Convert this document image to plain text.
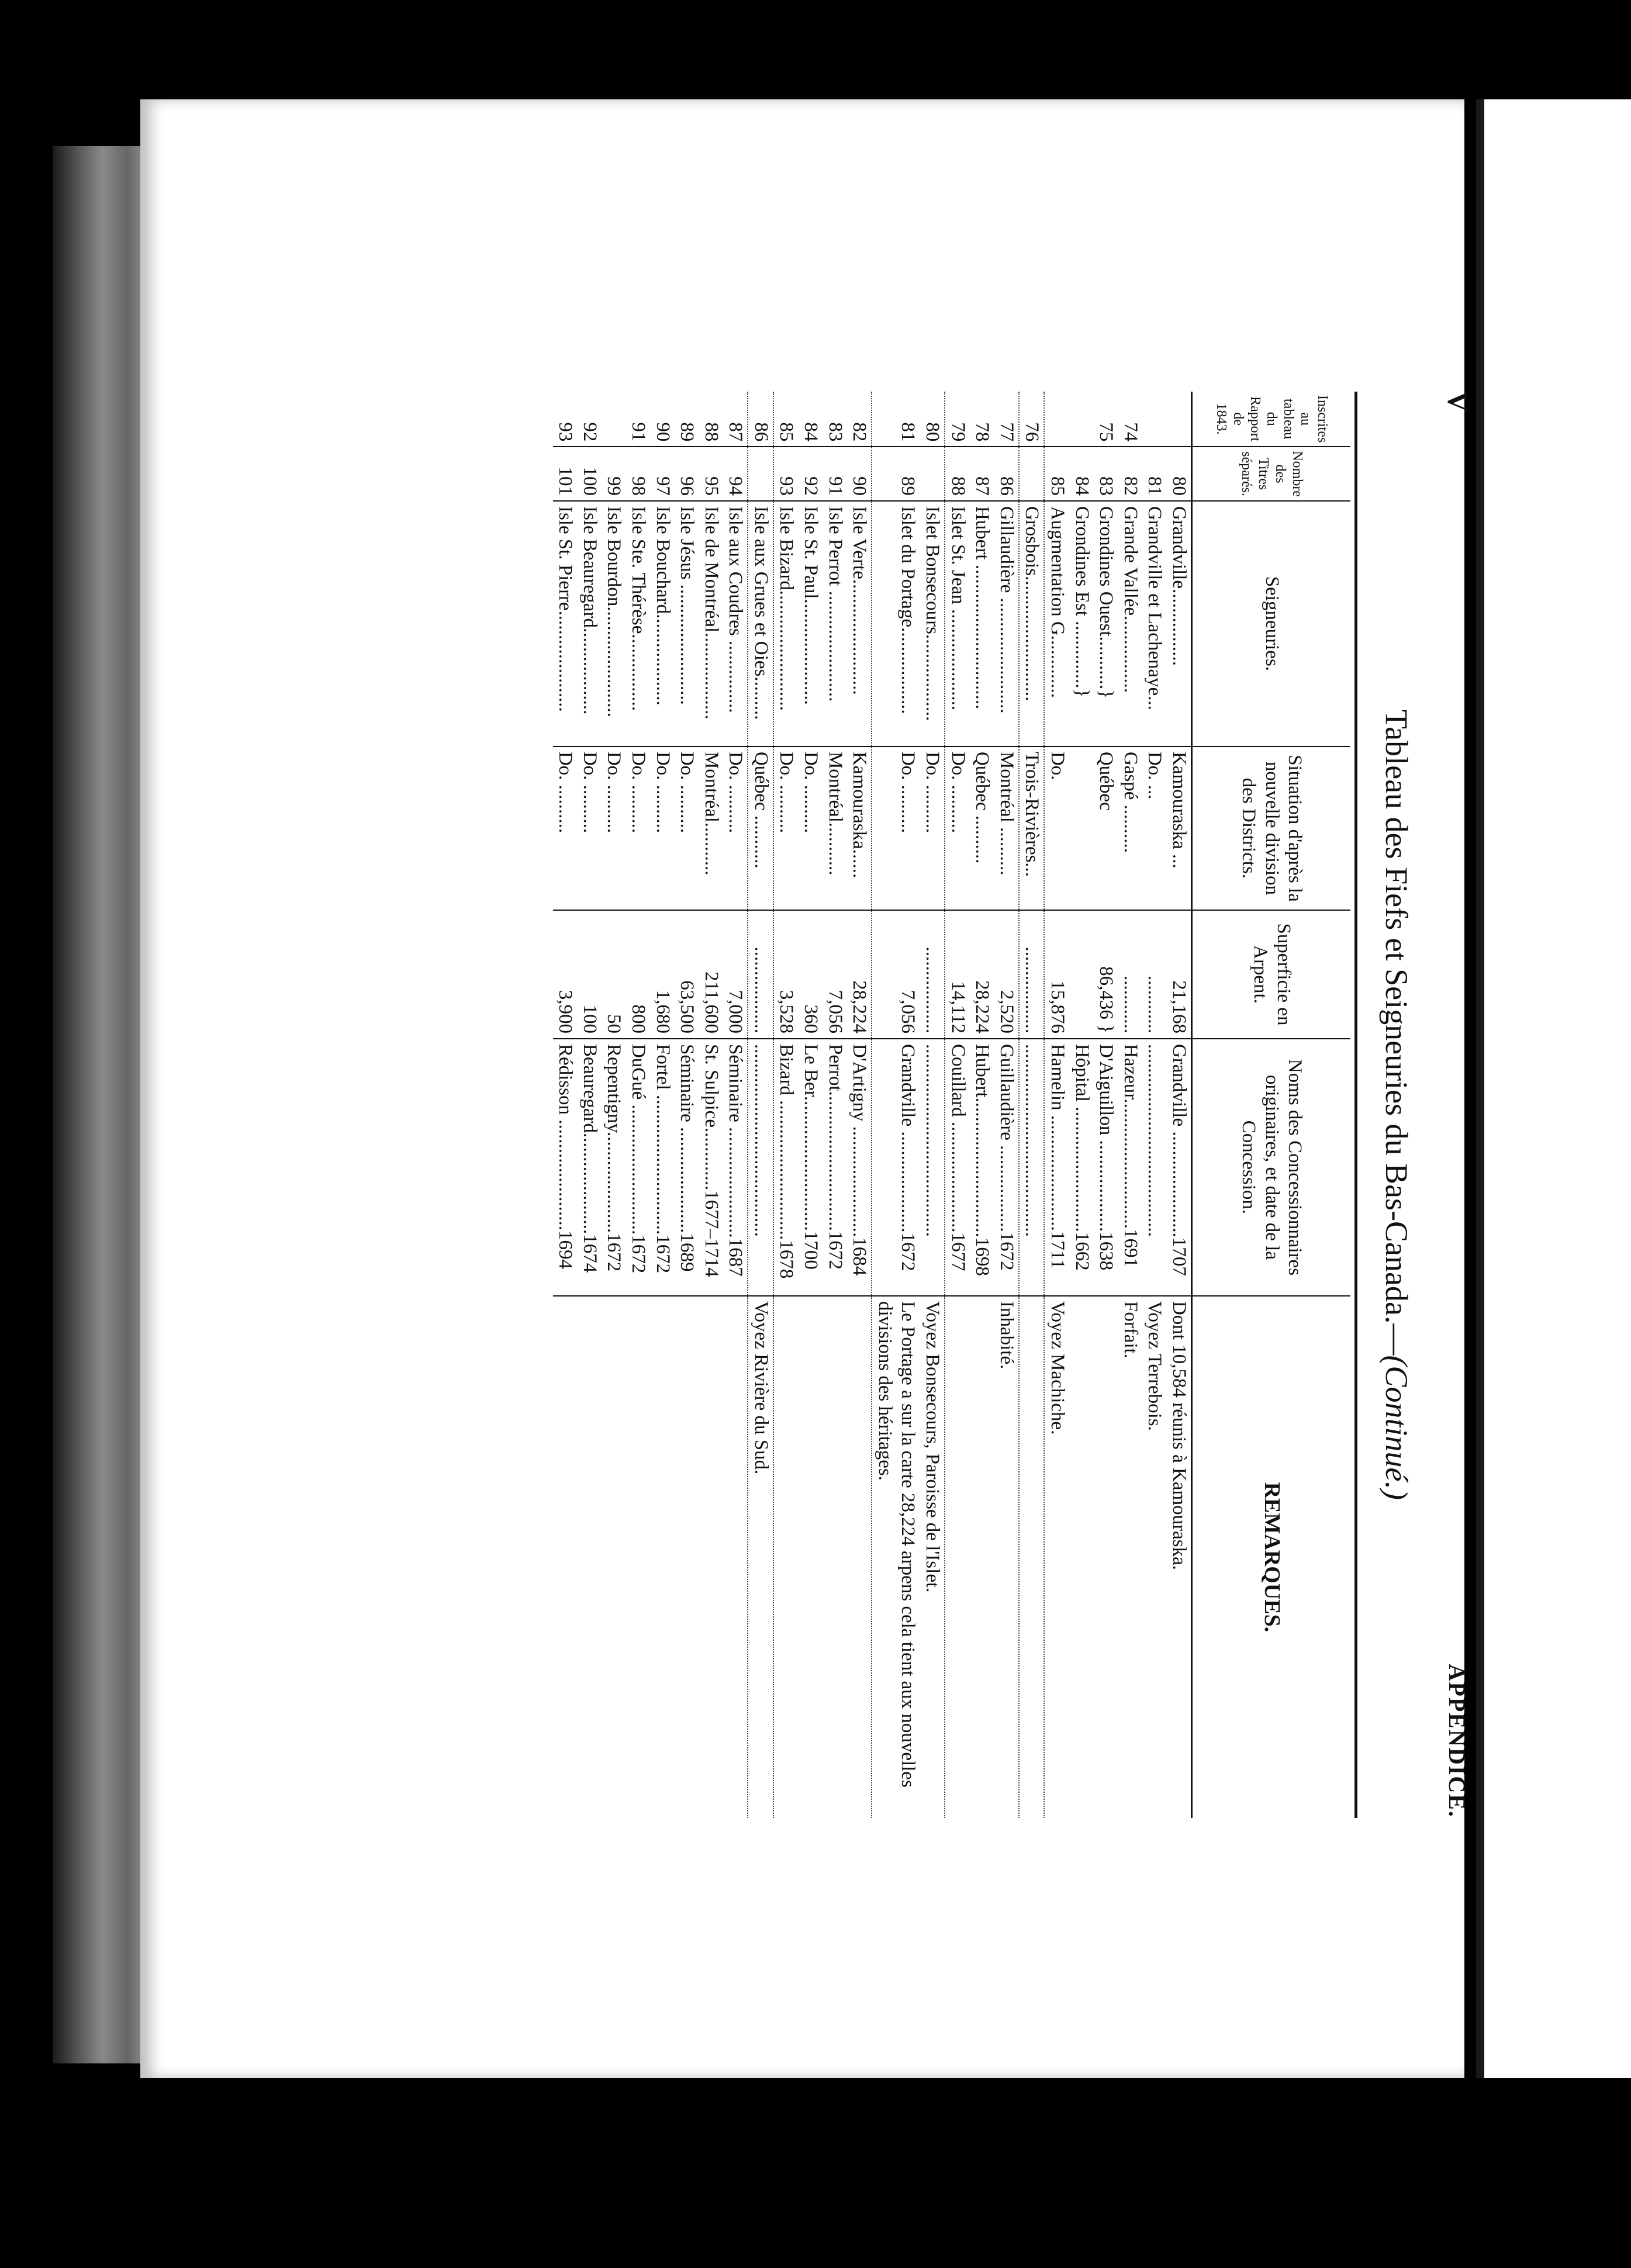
V
APPENDICE.
Tableau des Fiefs et Seigneuries du Bas-Canada.—(Continué.)
Inscrites au tableau du Rapport de 1843.	Nombre des Titres séparés.	Seigneuries.	Situation d'après la nouvelle division des Districts.	Superficie en Arpent.	Noms des Concessionnaires originaires, et date de la Concession.	REMARQUES.
	80	Grandville................	Kamouraska ...	21,168	Grandville ......................1707	Dont 10,584 réunis à Kamouraska.
	81	Grandville et Lachenaye...	Do. ...	............	........................................	Voyez Terrebois.
74	82	Grande Vallée................	Gaspé ..........	............	Hazeur...........................1691	Forfait.
75	83	Grondines Ouest...........}	Québec	86,436 }	D'Aiguillon ...................1638	
	84	Grondines Est ..............}			Hôpital ..........................1662	
	85	Augmentation G.............	Do.	15,876	Hamelin ........................1711	Voyez Machiche.
76		Grosbois..........................	Trois-Rivières...	..................	........................................	
77	86	Gillaudière ........................	Montréal ..........	2,520	Guillaudière ..................1672	Inhabité.
78	87	Hubert ..............................	Québec ..........	28,224	Hubert.............................1698	
79	88	Islet St. Jean .....................	Do. ..........	14,112	Couillard .......................1677	
80		Islet Bonsecours..................	Do. ..........	..................	........................................	Voyez Bonsecours, Paroisse de l'Islet.
81	89	Islet du Portage..................	Do. ..........	7,056	Grandville .....................1672	Le Portage a sur la carte 28,224 arpens cela tient aux nouvelles divisions des héritages.
82	90	Isle Verte........................	Kamouraska......	28,224	D'Artigny .......................1684	
83	91	Isle Perrot .......................	Montréal...........	7,056	Perrot.............................1672	
84	92	Isle St. Paul......................	Do. ..........	360	Le Ber............................1700	
85	93	Isle Bizard.........................	Do. ..........	3,528	Bizard .............................1678	
86		Isle aux Grues et Oies.........	Québec ...........	..................	........................................	Voyez Rivière du Sud.
87	94	Isle aux Coudres ...............	Do. ..........	7,000	Séminaire .......................1687	
88	95	Isle de Montréal..................	Montréal...........	211,600	St. Sulpice.............1677–1714	
89	96	Isle Jésus .........................	Do. ..........	63,500	Séminaire ......................1689	
90	97	Isle Bouchard...................	Do. ..........	1,680	Fortel .............................1672	
91	98	Isle Ste. Thérèse................	Do. ..........	800	DuGué ...........................1672	
	99	Isle Bourdon.......................	Do. ..........	50	Repentigny.....................1672	
92	100	Isle Beauregard..................	Do. ..........	100	Beauregard.....................1674	
93	101	Isle St. Pierre.....................	Do. ..........	3,900	Rédisson .......................1694	
